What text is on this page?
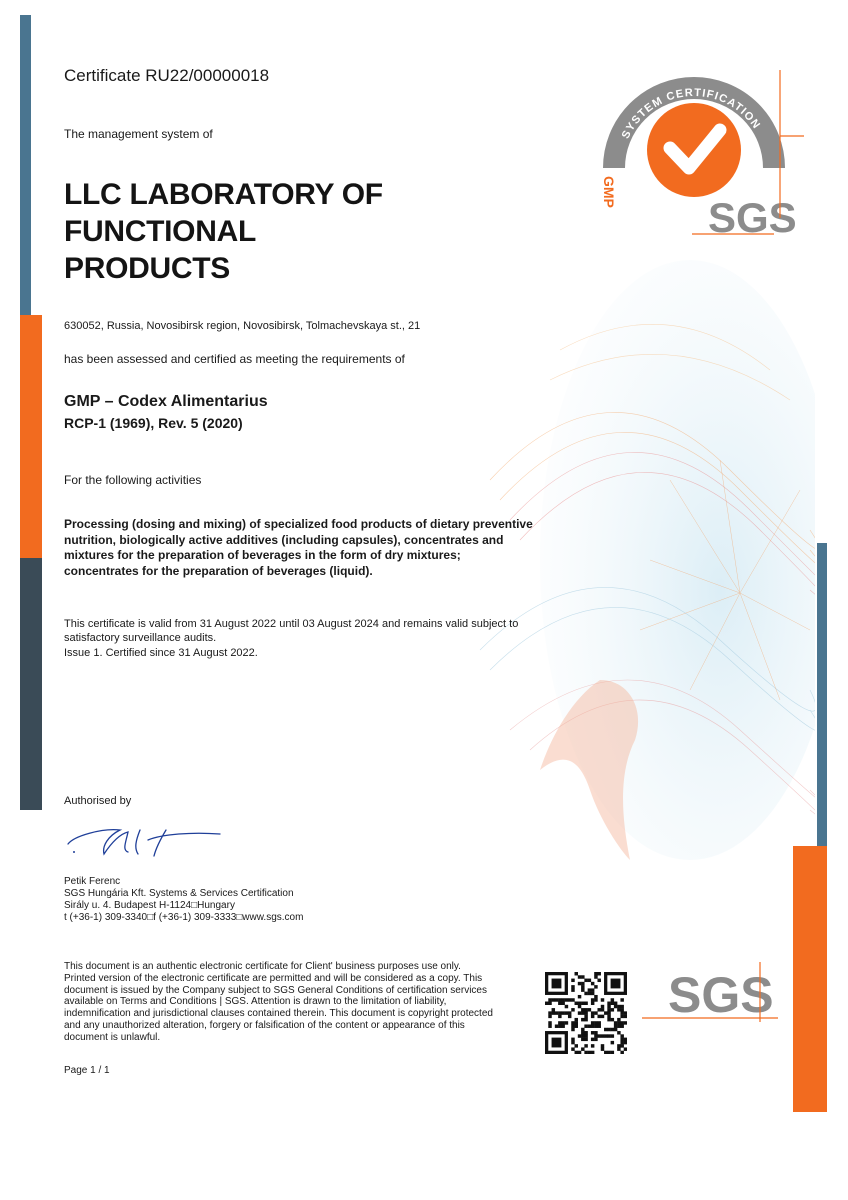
SYSTEM CERTIFICATION
GMP
SGS

Certificate RU22/00000018

The management system of

LLC LABORATORY OF
FUNCTIONAL
PRODUCTS

630052, Russia, Novosibirsk region, Novosibirsk, Tolmachevskaya st., 21

has been assessed and certified as meeting the requirements of

GMP – Codex Alimentarius

RCP-1 (1969), Rev. 5 (2020)

For the following activities

Processing (dosing and mixing) of specialized food products of dietary preventive nutrition, biologically active additives (including capsules), concentrates and mixtures for the preparation of beverages in the form of dry mixtures; concentrates for the preparation of beverages (liquid).

This certificate is valid from 31 August 2022 until 03 August 2024 and remains valid subject to satisfactory surveillance audits.

Issue 1. Certified since 31 August 2022.

Authorised by

Petik Ferenc
SGS Hungária Kft. Systems & Services Certification
Sirály u. 4. Budapest H-1124□Hungary
t (+36-1) 309-3340□f (+36-1) 309-3333□www.sgs.com

This document is an authentic electronic certificate for Client' business purposes use only. Printed version of the electronic certificate are permitted and will be considered as a copy. This document is issued by the Company subject to SGS General Conditions of certification services available on Terms and Conditions | SGS. Attention is drawn to the limitation of liability, indemnification and jurisdictional clauses contained therein. This document is copyright protected and any unauthorized alteration, forgery or falsification of the content or appearance of this document is unlawful.

Page 1 / 1

SGS
